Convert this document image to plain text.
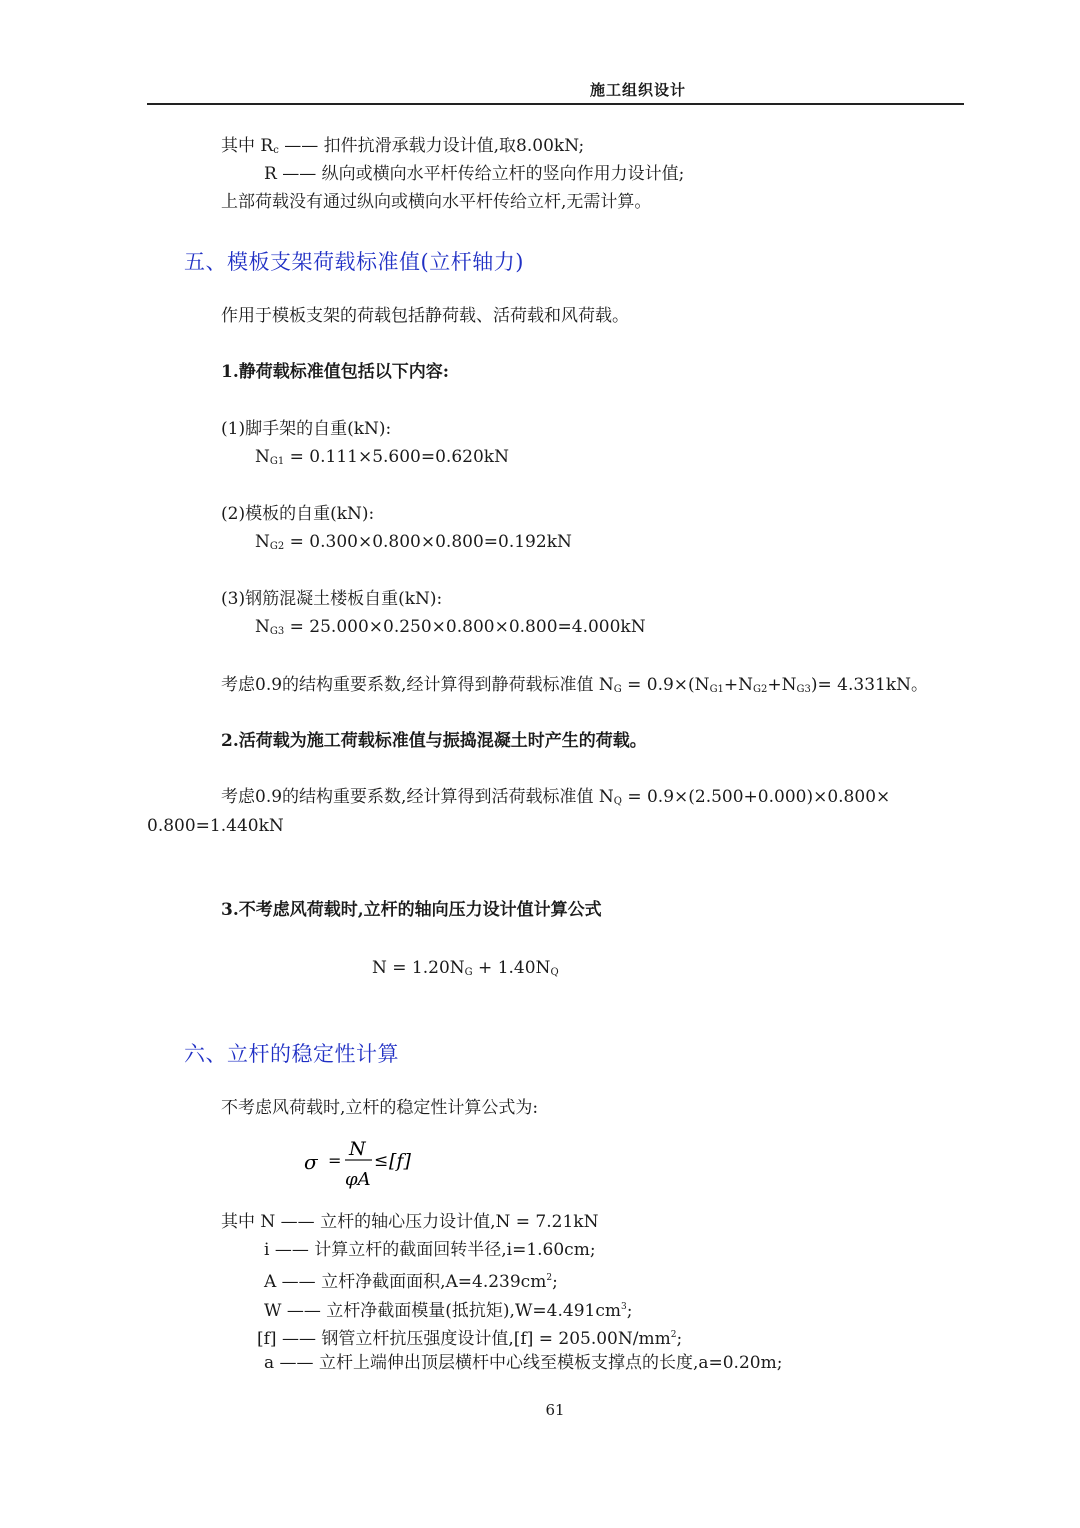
施工组织设计
其中 $R_c$ —— 扣件抗滑承载力设计值,取8.00kN;
R —— 纵向或横向水平杆传给立杆的竖向作用力设计值;
上部荷载没有通过纵向或横向水平杆传给立杆,无需计算。
五、模板支架荷载标准值(立杆轴力)
作用于模板支架的荷载包括静荷载、活荷载和风荷载。
1.静荷载标准值包括以下内容:
(1)脚手架的自重(kN):
$N_{G1} = 0.111\times 5.600=0.620kN$
(2)模板的自重(kN):
$N_{G2} = 0.300\times 0.800\times 0.800=0.192kN$
(3)钢筋混凝土楼板自重(kN):
$N_{G3} = 25.000\times 0.250\times 0.800\times 0.800=4.000kN$
考虑0.9的结构重要系数,经计算得到静荷载标准值 $N_G = 0.9\times(N_{G1}+N_{G2}+N_{G3})= 4.331kN$。
2.活荷载为施工荷载标准值与振捣混凝土时产生的荷载。
考虑0.9的结构重要系数,经计算得到活荷载标准值 $N_Q = 0.9\times(2.500+0.000)\times 0.800\times$
0.800=1.440kN
3.不考虑风荷载时,立杆的轴向压力设计值计算公式
$N = 1.20N_G + 1.40N_Q$
六、立杆的稳定性计算
不考虑风荷载时,立杆的稳定性计算公式为:
σ =
N
φA
≤ [f]
其中 N —— 立杆的轴心压力设计值,N = 7.21kN
i —— 计算立杆的截面回转半径,i=1.60cm;
A —— 立杆净截面面积$,A=4.239cm^2$;
W —— 立杆净截面模量(抵抗矩)$,W=4.491cm^3$;
[f] —— 钢管立杆抗压强度设计值$,[f] = 205.00N/mm^2$;
a —— 立杆上端伸出顶层横杆中心线至模板支撑点的长度,a=0.20m;
61
